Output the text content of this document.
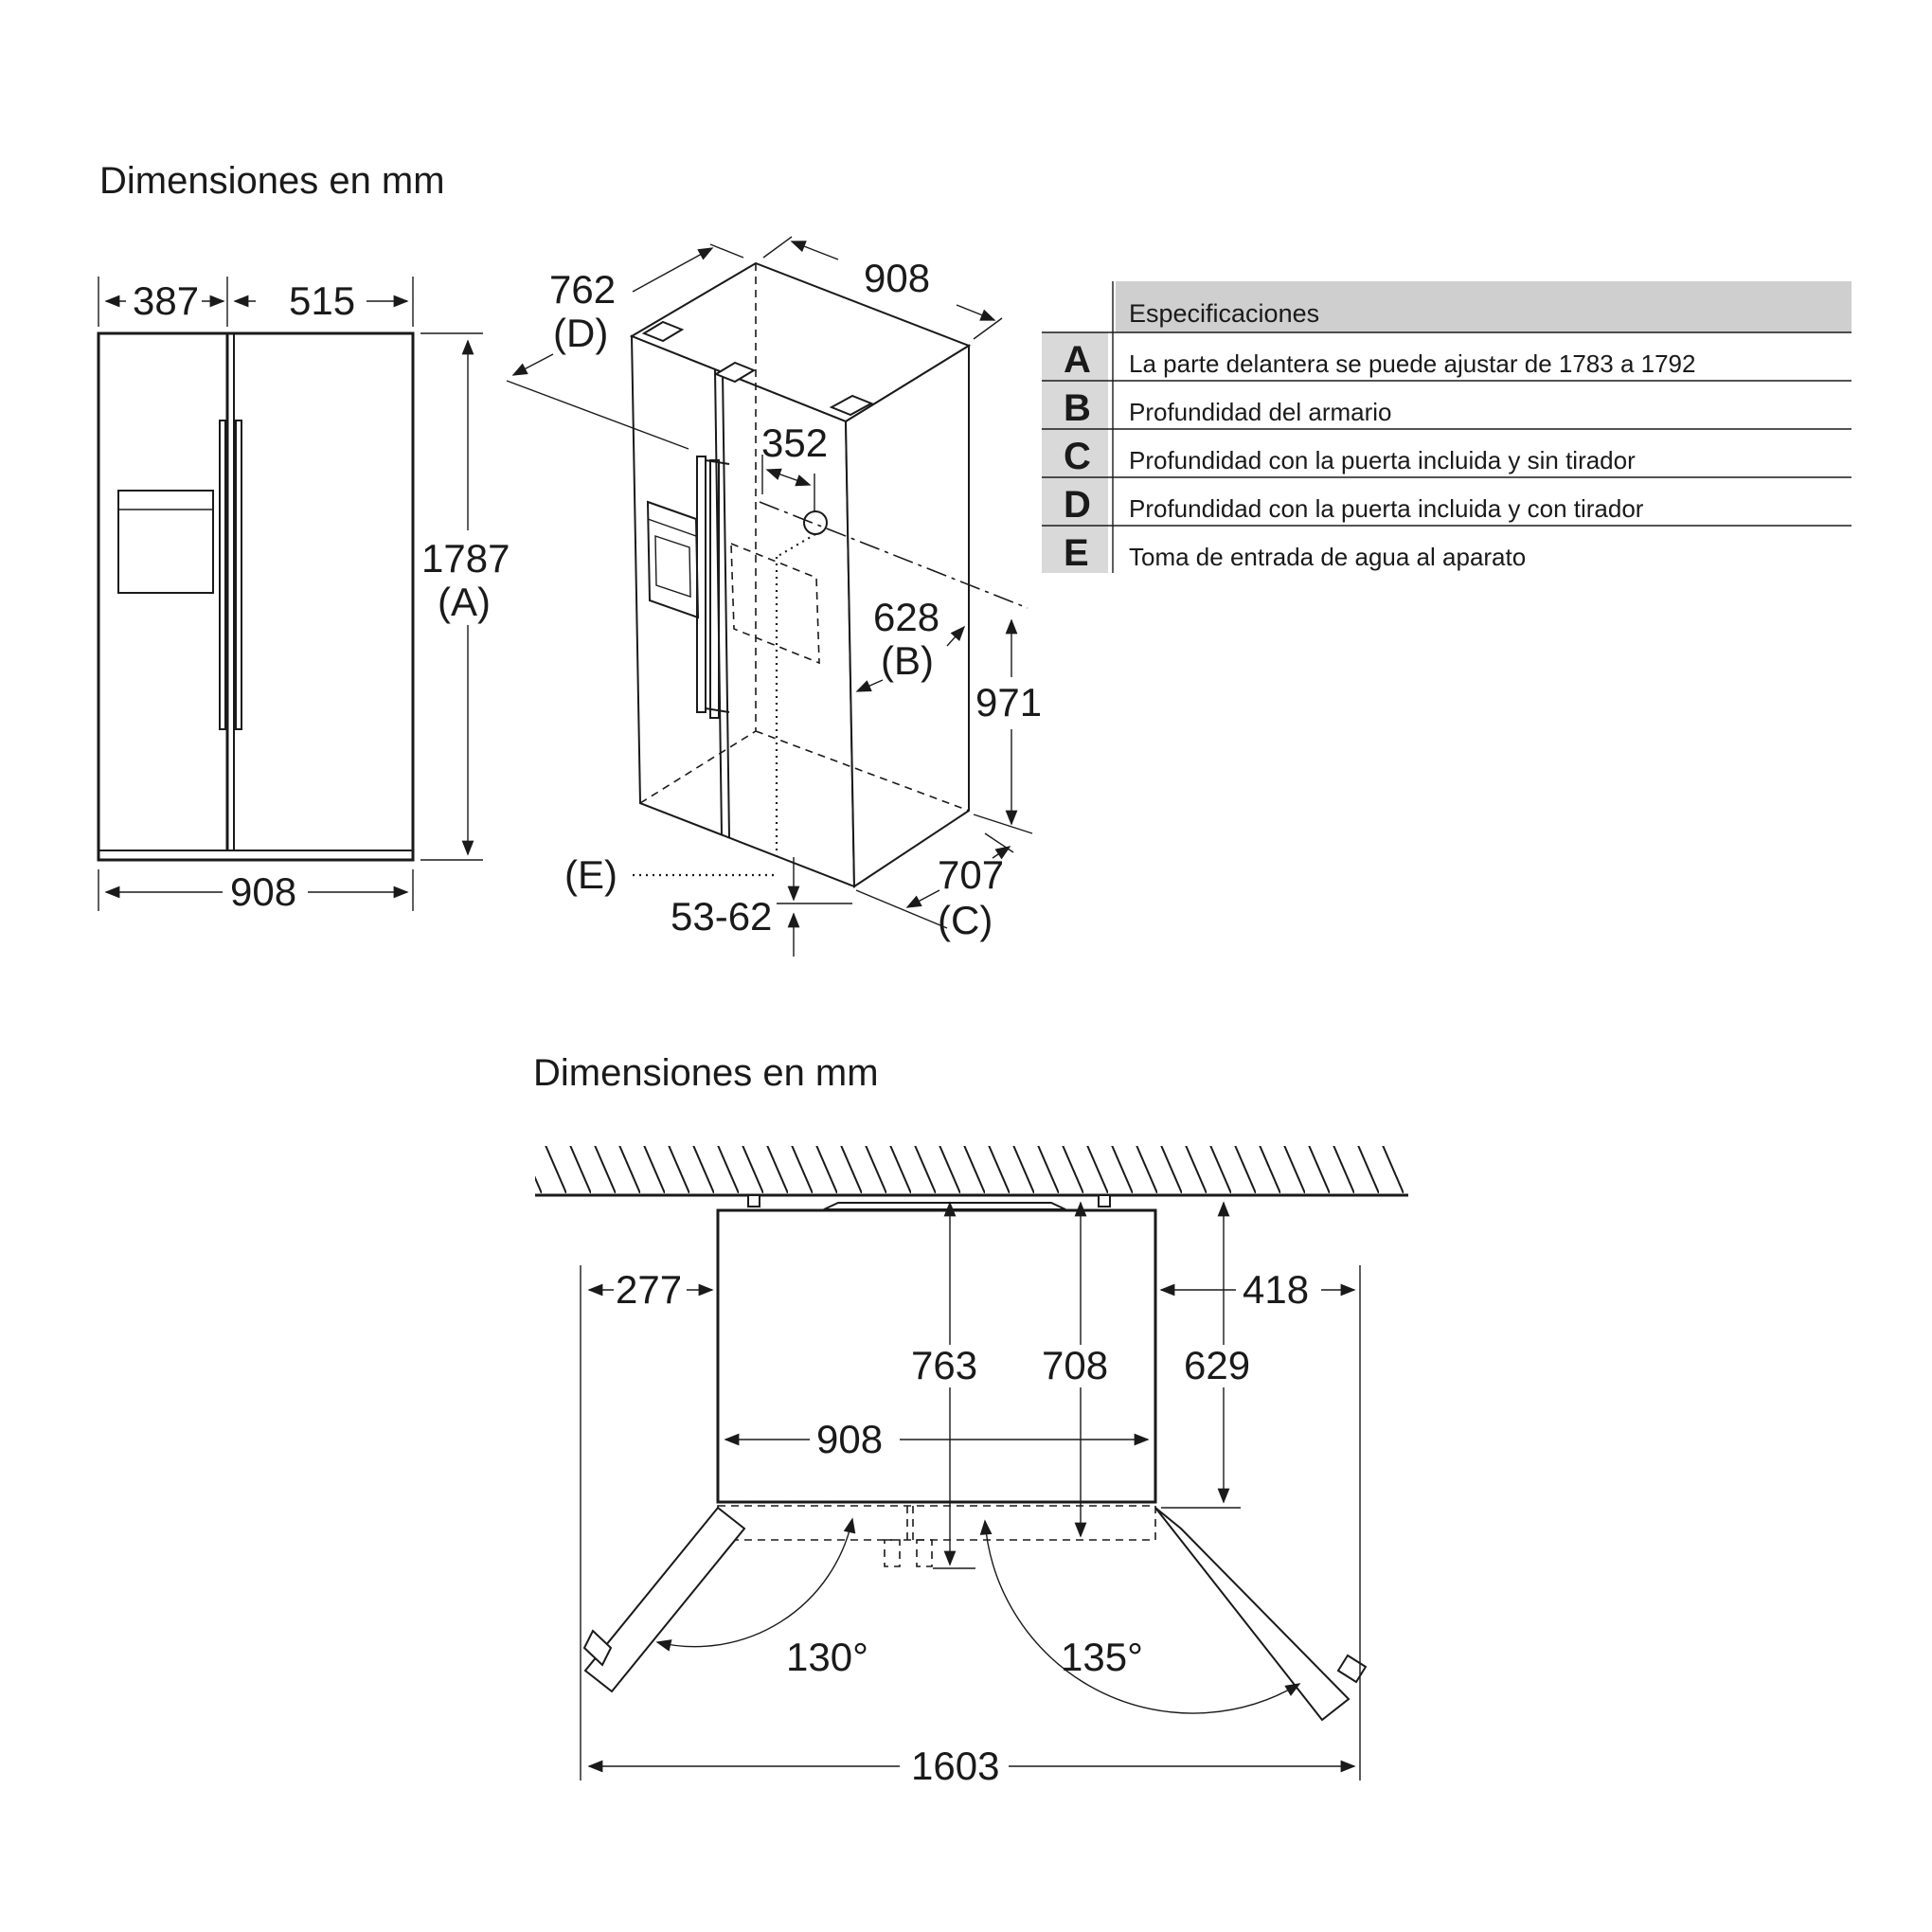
Dimensiones en mm
Dimensiones en mm
387 515
1787
(A)
908	(E)
762
(D)
908
352
628
(B)
971
707
(C)
53-62
Especificaciones
A La parte delantera se puede ajustar de 1783 a 1792
B Profundidad del armario
C Profundidad con la puerta incluida y sin tirador
D Profundidad con la puerta incluida y con tirador
E Toma de entrada de agua al aparato
277	418
763 708 629
908
130°	135°
1603
